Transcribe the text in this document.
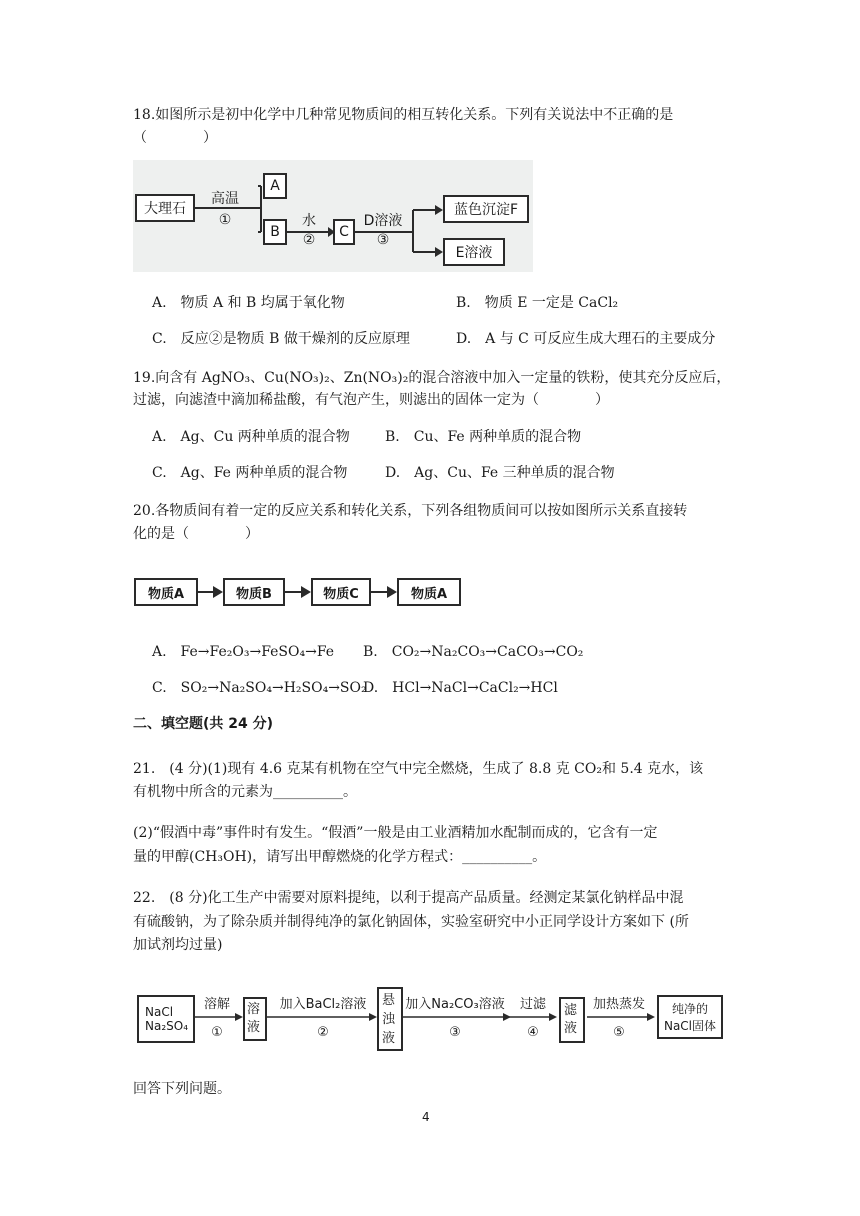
18.如图所示是初中化学中几种常见物质间的相互转化关系。下列有关说法中不正确的是
（　　　　）
大理石
高温
①
A
B
水
②	C
D溶液
③
蓝色沉淀F
E溶液
A.　物质 A 和 B 均属于氧化物	B.　物质 E 一定是 CaCl₂
C.　反应②是物质 B 做干燥剂的反应原理	D.　A 与 C 可反应生成大理石的主要成分
19.向含有 AgNO₃、Cu(NO₃)₂、Zn(NO₃)₂的混合溶液中加入一定量的铁粉，使其充分反应后，
过滤，向滤渣中滴加稀盐酸，有气泡产生，则滤出的固体一定为（　　　　）
A.　Ag、Cu 两种单质的混合物	B.　Cu、Fe 两种单质的混合物
C.　Ag、Fe 两种单质的混合物	D.　Ag、Cu、Fe 三种单质的混合物
20.各物质间有着一定的反应关系和转化关系，下列各组物质间可以按如图所示关系直接转
化的是（　　　　）
物质A	物质B	物质C	物质A
A.　Fe→Fe₂O₃→FeSO₄→Fe B.　CO₂→Na₂CO₃→CaCO₃→CO₂
C.　SO₂→Na₂SO₄→H₂SO₄→SO₂
D.　HCl→NaCl→CaCl₂→HCl
二、填空题(共 24 分)
21.　(4 分)(1)现有 4.6 克某有机物在空气中完全燃烧，生成了 8.8 克 CO₂和 5.4 克水，该
有机物中所含的元素为__________。
(2)“假酒中毒”事件时有发生。“假酒”一般是由工业酒精加水配制而成的，它含有一定
量的甲醇(CH₃OH)，请写出甲醇燃烧的化学方程式：__________。
22.　(8 分)化工生产中需要对原料提纯，以利于提高产品质量。经测定某氯化钠样品中混
有硫酸钠，为了除杂质并制得纯净的氯化钠固体，实验室研究中小正同学设计方案如下 (所
加试剂均过量)
NaCl
Na₂SO₄
溶解
①
溶液
加入BaCl₂溶液
②
悬浊液
加入Na₂CO₃溶液
③
过滤
④
滤液
加热蒸发
⑤
纯净的
NaCl固体
回答下列问题。
4
